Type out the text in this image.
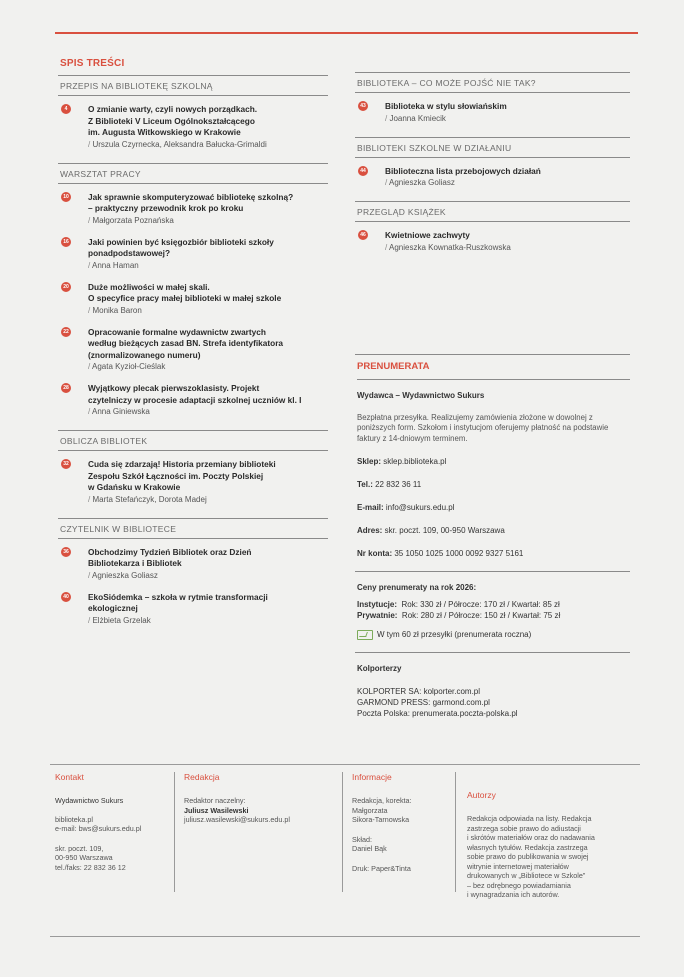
SPIS TREŚCI
PRZEPIS NA BIBLIOTEKĘ SZKOLNĄ
4	O zmianie warty, czyli nowych porządkach.
Z Biblioteki V Liceum Ogólnokształcącego
im. Augusta Witkowskiego w Krakowie
/ Urszula Czyrnecka, Aleksandra Bałucka-Grimaldi
WARSZTAT PRACY
10 Jak sprawnie skomputeryzować bibliotekę szkolną?
– praktyczny przewodnik krok po kroku
/ Małgorzata Poznańska
16 Jaki powinien być księgozbiór biblioteki szkoły
ponadpodstawowej?
/ Anna Haman
20 Duże możliwości w małej skali.
O specyfice pracy małej biblioteki w małej szkole
/ Monika Baron
22 Opracowanie formalne wydawnictw zwartych
według bieżących zasad BN. Strefa identyfikatora
(znormalizowanego numeru)
/ Agata Kyzioł-Cieślak
28 Wyjątkowy plecak pierwszoklasisty. Projekt
czytelniczy w procesie adaptacji szkolnej uczniów kl. I
/ Anna Giniewska
OBLICZA BIBLIOTEK
32 Cuda się zdarzają! Historia przemiany biblioteki
Zespołu Szkół Łączności im. Poczty Polskiej
w Gdańsku w Krakowie
/ Marta Stefańczyk, Dorota Madej
CZYTELNIK W BIBLIOTECE
36 Obchodzimy Tydzień Bibliotek oraz Dzień
Bibliotekarza i Bibliotek
/ Agnieszka Goliasz
40 EkoSiódemka – szkoła w rytmie transformacji
ekologicznej
/ Elżbieta Grzelak
BIBLIOTEKA – CO MOŻE POJŚĆ NIE TAK?
43 Biblioteka w stylu słowiańskim
/ Joanna Kmiecik
BIBLIOTEKI SZKOLNE W DZIAŁANIU
44 Biblioteczna lista przebojowych działań
/ Agnieszka Goliasz
PRZEGLĄD KSIĄŻEK
46 Kwietniowe zachwyty
/ Agnieszka Kownatka-Ruszkowska
PRENUMERATA
Wydawca – Wydawnictwo Sukurs
Bezpłatna przesyłka. Realizujemy zamówienia złożone w dowolnej z poniższych form. Szkołom i instytucjom oferujemy płatność na podstawie faktury z 14-dniowym terminem.
Sklep: sklep.biblioteka.pl
Tel.: 22 832 36 11
E-mail: info@sukurs.edu.pl
Adres: skr. poczt. 109, 00-950 Warszawa
Nr konta: 35 1050 1025 1000 0092 9327 5161
Ceny prenumeraty na rok 2026:
Instytucje: Rok: 330 zł / Półrocze: 170 zł / Kwartał: 85 zł
Prywatnie: Rok: 280 zł / Półrocze: 150 zł / Kwartał: 75 zł
W tym 60 zł przesyłki (prenumerata roczna)
Kolporterzy
KOLPORTER SA: kolporter.com.pl
GARMOND PRESS: garmond.com.pl
Poczta Polska: prenumerata.poczta-polska.pl
Kontakt
Wydawnictwo Sukurs
biblioteka.pl
e-mail: bws@sukurs.edu.pl
skr. poczt. 109,
00-950 Warszawa
tel./faks: 22 832 36 12
Redakcja
Redaktor naczelny:
Juliusz Wasilewski
juliusz.wasilewski@sukurs.edu.pl
Informacje
Redakcja, korekta:
Małgorzata
Sikora-Tarnowska
Skład:
Daniel Bąk
Druk: Paper&Tinta
Autorzy
Redakcja odpowiada na listy. Redakcja
zastrzega sobie prawo do adiustacji
i skrótów materiałów oraz do nadawania
własnych tytułów. Redakcja zastrzega
sobie prawo do publikowania w swojej
witrynie internetowej materiałów
drukowanych w „Bibliotece w Szkole”
– bez odrębnego powiadamiania
i wynagradzania ich autorów.
